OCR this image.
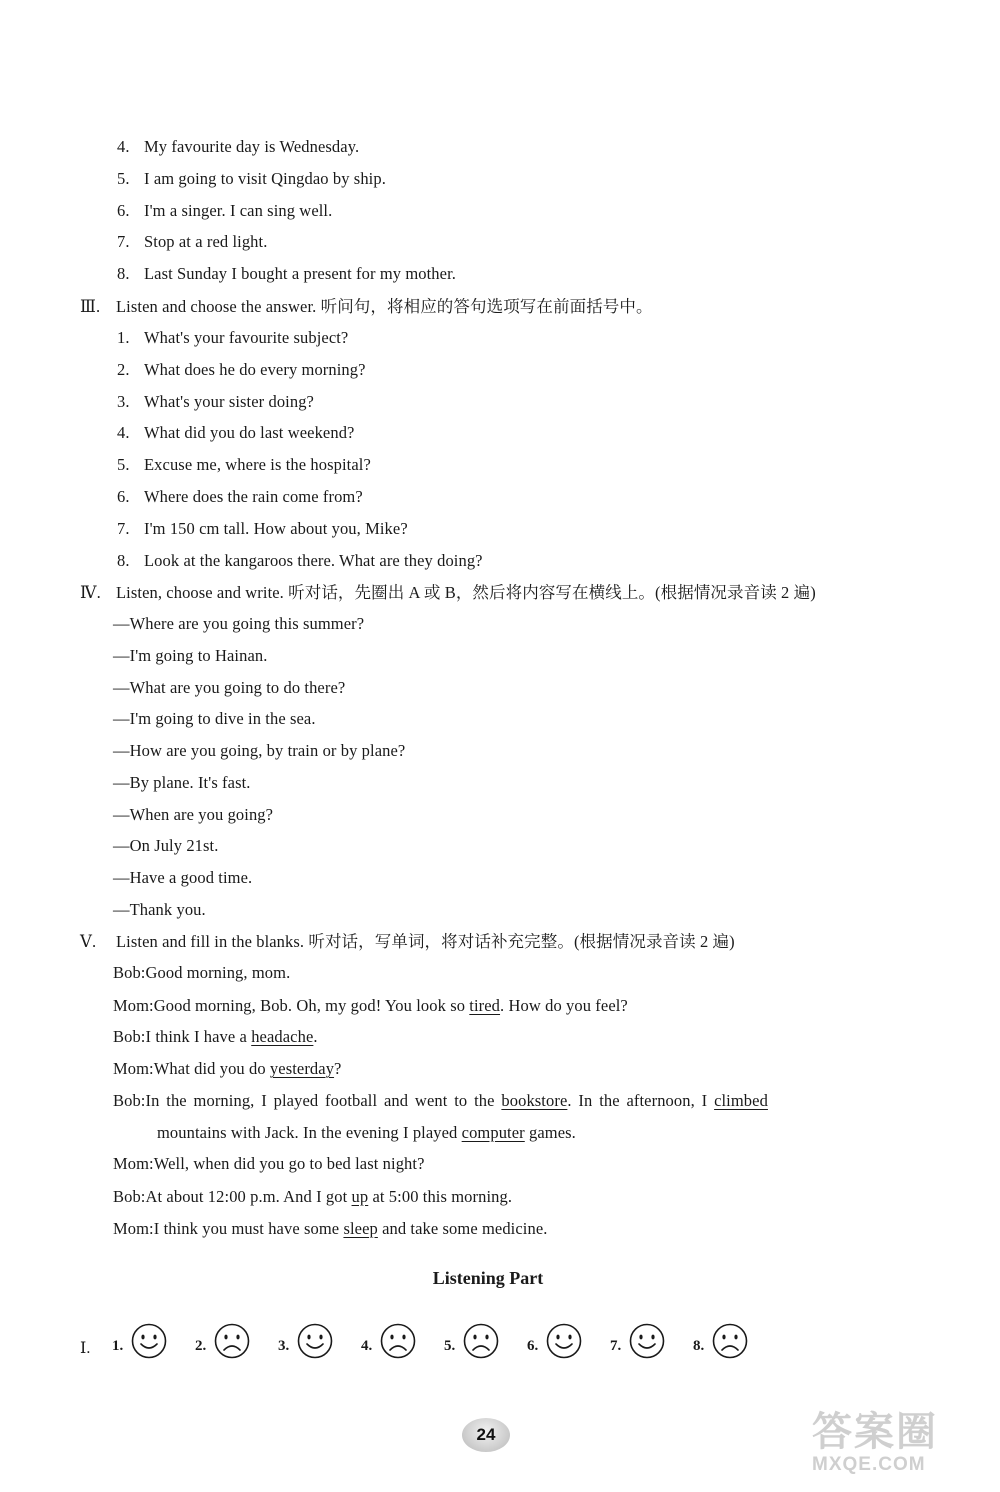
4. My favourite day is Wednesday.
5. I am going to visit Qingdao by ship.
6. I'm a singer. I can sing well.
7. Stop at a red light.
8. Last Sunday I bought a present for my mother.
Ⅲ. Listen and choose the answer. 听问句，将相应的答句选项写在前面括号中。
1. What's your favourite subject?
2. What does he do every morning?
3. What's your sister doing?
4. What did you do last weekend?
5. Excuse me, where is the hospital?
6. Where does the rain come from?
7. I'm 150 cm tall. How about you, Mike?
8. Look at the kangaroos there. What are they doing?
Ⅳ. Listen, choose and write. 听对话，先圈出 A 或 B，然后将内容写在横线上。(根据情况录音读 2 遍)
—Where are you going this summer?
—I'm going to Hainan.
—What are you going to do there?
—I'm going to dive in the sea.
—How are you going, by train or by plane?
—By plane. It's fast.
—When are you going?
—On July 21st.
—Have a good time.
—Thank you.
Ⅴ. Listen and fill in the blanks. 听对话，写单词，将对话补充完整。(根据情况录音读 2 遍)
Bob:Good morning, mom.
Mom:Good morning, Bob. Oh, my god! You look so tired. How do you feel?
Bob:I think I have a headache.
Mom:What did you do yesterday?
Bob:In the morning, I played football and went to the bookstore. In the afternoon, I climbed
mountains with Jack. In the evening I played computer games.
Mom:Well, when did you go to bed last night?
Bob:At about 12:00 p.m. And I got up at 5:00 this morning.
Mom:I think you must have some sleep and take some medicine.
Listening Part
Ⅰ. 1.	2.	3.	4.	5.	6.	7.	8.
24	答案圈
MXQE.COM
